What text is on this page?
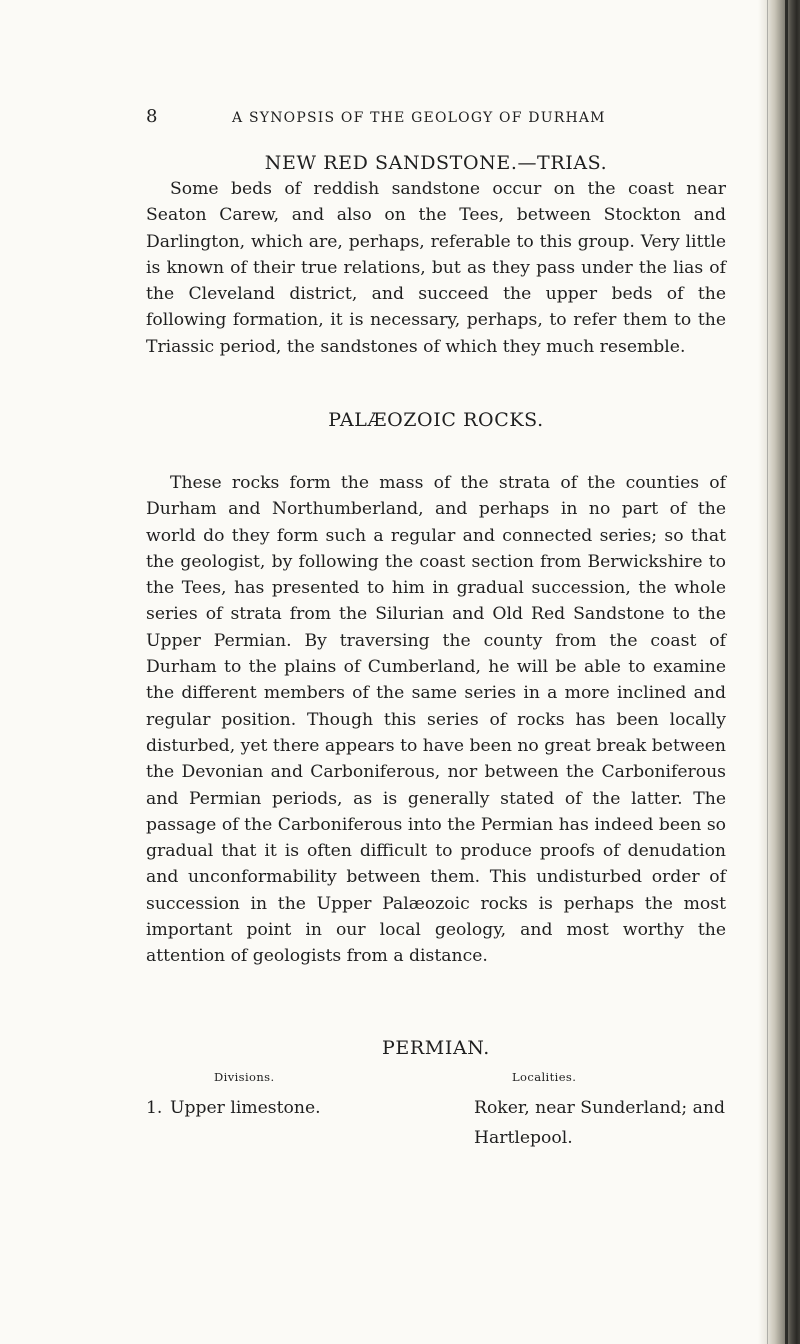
8	A SYNOPSIS OF THE GEOLOGY OF DURHAM
NEW RED SANDSTONE.—TRIAS.
Some beds of reddish sandstone occur on the coast near Seaton Carew, and also on the Tees, between Stockton and Darlington, which are, perhaps, referable to this group. Very little is known of their true relations, but as they pass under the lias of the Cleveland district, and succeed the upper beds of the following formation, it is necessary, perhaps, to refer them to the Triassic period, the sandstones of which they much resemble.
PALÆOZOIC ROCKS.
These rocks form the mass of the strata of the counties of Durham and Northumberland, and perhaps in no part of the world do they form such a regular and connected series; so that the geologist, by following the coast section from Berwickshire to the Tees, has presented to him in gradual succession, the whole series of strata from the Silurian and Old Red Sandstone to the Upper Permian. By traversing the county from the coast of Durham to the plains of Cumberland, he will be able to examine the different members of the same series in a more inclined and regular position. Though this series of rocks has been locally disturbed, yet there appears to have been no great break between the Devonian and Carboniferous, nor between the Carboniferous and Permian periods, as is generally stated of the latter. The passage of the Carboniferous into the Permian has indeed been so gradual that it is often difficult to produce proofs of denudation and unconformability between them. This undisturbed order of succession in the Upper Palæozoic rocks is perhaps the most important point in our local geology, and most worthy the attention of geologists from a distance.
PERMIAN.
Divisions.	Localities.
1. Upper limestone.	Roker, near Sunderland; and Hartlepool.
